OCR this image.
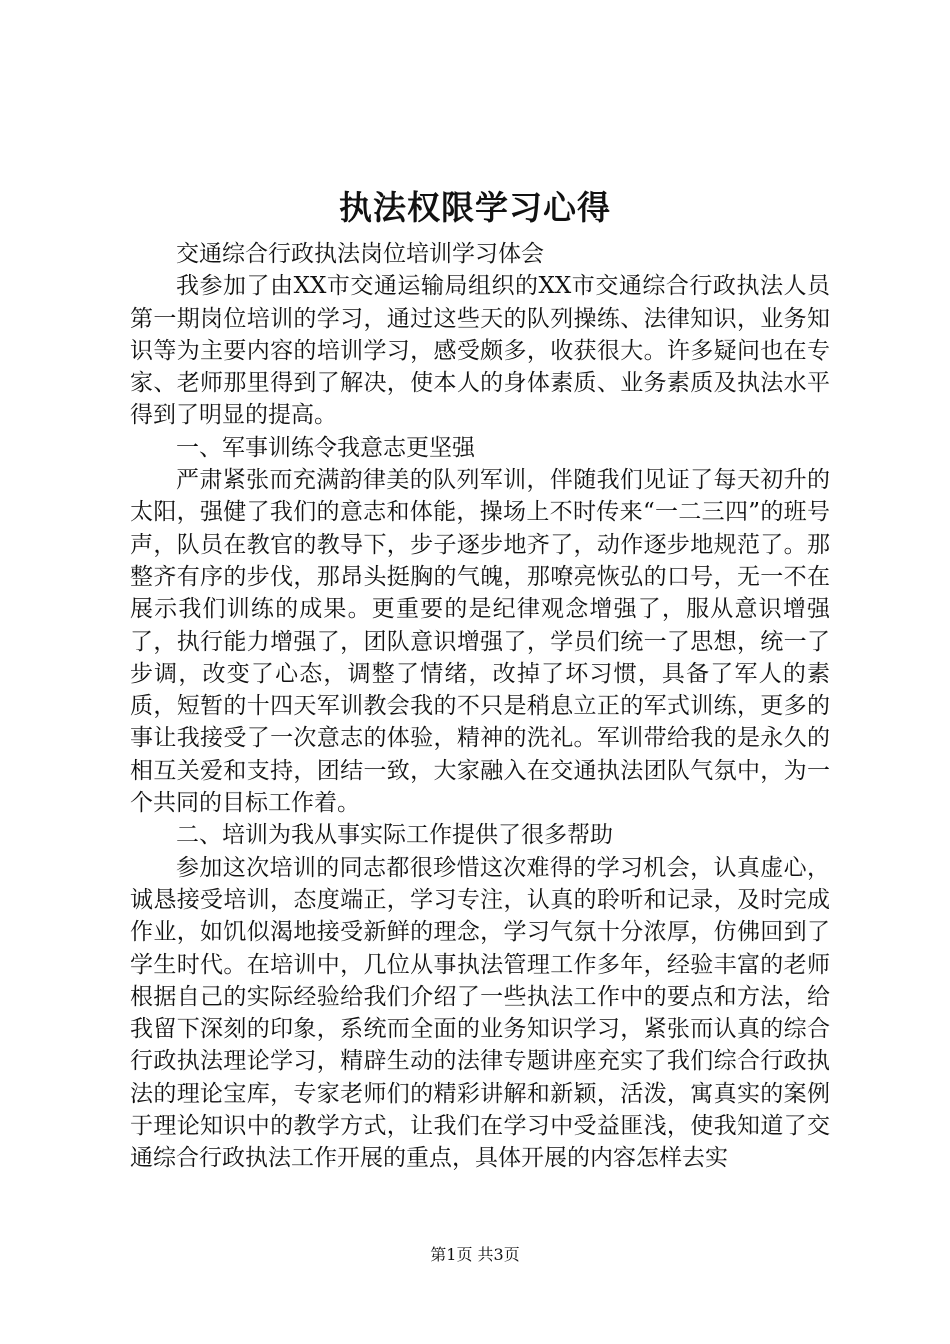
执法权限学习心得

交通综合行政执法岗位培训学习体会

我参加了由XX市交通运输局组织的XX市交通综合行政执法人员第一期岗位培训的学习，通过这些天的队列操练、法律知识，业务知识等为主要内容的培训学习，感受颇多，收获很大。许多疑问也在专家、老师那里得到了解决，使本人的身体素质、业务素质及执法水平得到了明显的提高。

一、军事训练令我意志更坚强

严肃紧张而充满韵律美的队列军训，伴随我们见证了每天初升的太阳，强健了我们的意志和体能，操场上不时传来“一二三四”的班号声，队员在教官的教导下，步子逐步地齐了，动作逐步地规范了。那整齐有序的步伐，那昂头挺胸的气魄，那嘹亮恢弘的口号，无一不在展示我们训练的成果。更重要的是纪律观念增强了，服从意识增强了，执行能力增强了，团队意识增强了，学员们统一了思想，统一了步调，改变了心态，调整了情绪，改掉了坏习惯，具备了军人的素质，短暂的十四天军训教会我的不只是稍息立正的军式训练，更多的事让我接受了一次意志的体验，精神的洗礼。军训带给我的是永久的相互关爱和支持，团结一致，大家融入在交通执法团队气氛中，为一个共同的目标工作着。

二、培训为我从事实际工作提供了很多帮助

参加这次培训的同志都很珍惜这次难得的学习机会，认真虚心，诚恳接受培训，态度端正，学习专注，认真的聆听和记录，及时完成作业，如饥似渴地接受新鲜的理念，学习气氛十分浓厚，仿佛回到了学生时代。在培训中，几位从事执法管理工作多年，经验丰富的老师根据自己的实际经验给我们介绍了一些执法工作中的要点和方法，给我留下深刻的印象，系统而全面的业务知识学习，紧张而认真的综合行政执法理论学习，精辟生动的法律专题讲座充实了我们综合行政执法的理论宝库，专家老师们的精彩讲解和新颖，活泼，寓真实的案例于理论知识中的教学方式，让我们在学习中受益匪浅，使我知道了交通综合行政执法工作开展的重点，具体开展的内容怎样去实

第1页 共3页
